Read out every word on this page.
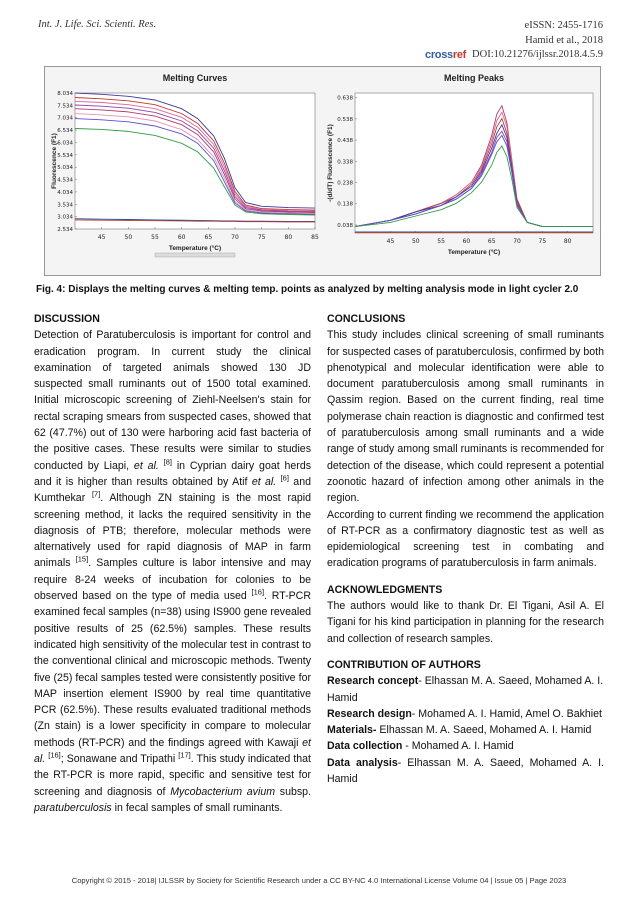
Int. J. Life. Sci. Scienti. Res.	eISSN: 2455-1716
Hamid et al., 2018
crossref DOI:10.21276/ijlssr.2018.4.5.9
Melting Curves
8.034
7.534
7.034
6.534
6.034
5.534
5.034
4.534
4.034
3.534
3.034
2.534
45	50	55	60	65	70	75	80	85
Temperature (°C)
Fluorescence (F1)
Melting Peaks
0.638
0.538
0.438
0.338
0.238
0.138
0.038
45	50	55	60	65	70	75	80
Temperature (°C)
-(d/dT) Fluorescence (F1)
Fig. 4: Displays the melting curves & melting temp. points as analyzed by melting analysis mode in light cycler 2.0
DISCUSSION

Detection of Paratuberculosis is important for control and eradication program. In current study the clinical examination of targeted animals showed 130 JD suspected small ruminants out of 1500 total examined. Initial microscopic screening of Ziehl-Neelsen's stain for rectal scraping smears from suspected cases, showed that 62 (47.7%) out of 130 were harboring acid fast bacteria of the positive cases. These results were similar to studies conducted by Liapi, et al. [8] in Cyprian dairy goat herds and it is higher than results obtained by Atif et al. [6] and Kumthekar [7]. Although ZN staining is the most rapid screening method, it lacks the required sensitivity in the diagnosis of PTB; therefore, molecular methods were alternatively used for rapid diagnosis of MAP in farm animals [15]. Samples culture is labor intensive and may require 8-24 weeks of incubation for colonies to be observed based on the type of media used [16]. RT-PCR examined fecal samples (n=38) using IS900 gene revealed positive results of 25 (62.5%) samples. These results indicated high sensitivity of the molecular test in contrast to the conventional clinical and microscopic methods. Twenty five (25) fecal samples tested were consistently positive for MAP insertion element IS900 by real time quantitative PCR (62.5%). These results evaluated traditional methods (Zn stain) is a lower specificity in compare to molecular methods (RT-PCR) and the findings agreed with Kawaji et al. [16]; Sonawane and Tripathi [17]. This study indicated that the RT-PCR is more rapid, specific and sensitive test for screening and diagnosis of Mycobacterium avium subsp. paratuberculosis in fecal samples of small ruminants.

CONCLUSIONS

This study includes clinical screening of small ruminants for suspected cases of paratuberculosis, confirmed by both phenotypical and molecular identification were able to document paratuberculosis among small ruminants in Qassim region. Based on the current finding, real time polymerase chain reaction is diagnostic and confirmed test of paratuberculosis among small ruminants and a wide range of study among small ruminants is recommended for detection of the disease, which could represent a potential zoonotic hazard of infection among other animals in the region.

According to current finding we recommend the application of RT-PCR as a confirmatory diagnostic test as well as epidemiological screening test in combating and eradication programs of paratuberculosis in farm animals.

ACKNOWLEDGMENTS

The authors would like to thank Dr. El Tigani, Asil A. El Tigani for his kind participation in planning for the research and collection of research samples.

CONTRIBUTION OF AUTHORS

Research concept- Elhassan M. A. Saeed, Mohamed A. I. Hamid

Research design- Mohamed A. I. Hamid, Amel O. Bakhiet

Materials- Elhassan M. A. Saeed, Mohamed A. I. Hamid

Data collection - Mohamed A. I. Hamid

Data analysis- Elhassan M. A. Saeed, Mohamed A. I. Hamid

Copyright © 2015 - 2018| IJLSSR by Society for Scientific Research under a CC BY-NC 4.0 International License Volume 04 | Issue 05 | Page 2023
